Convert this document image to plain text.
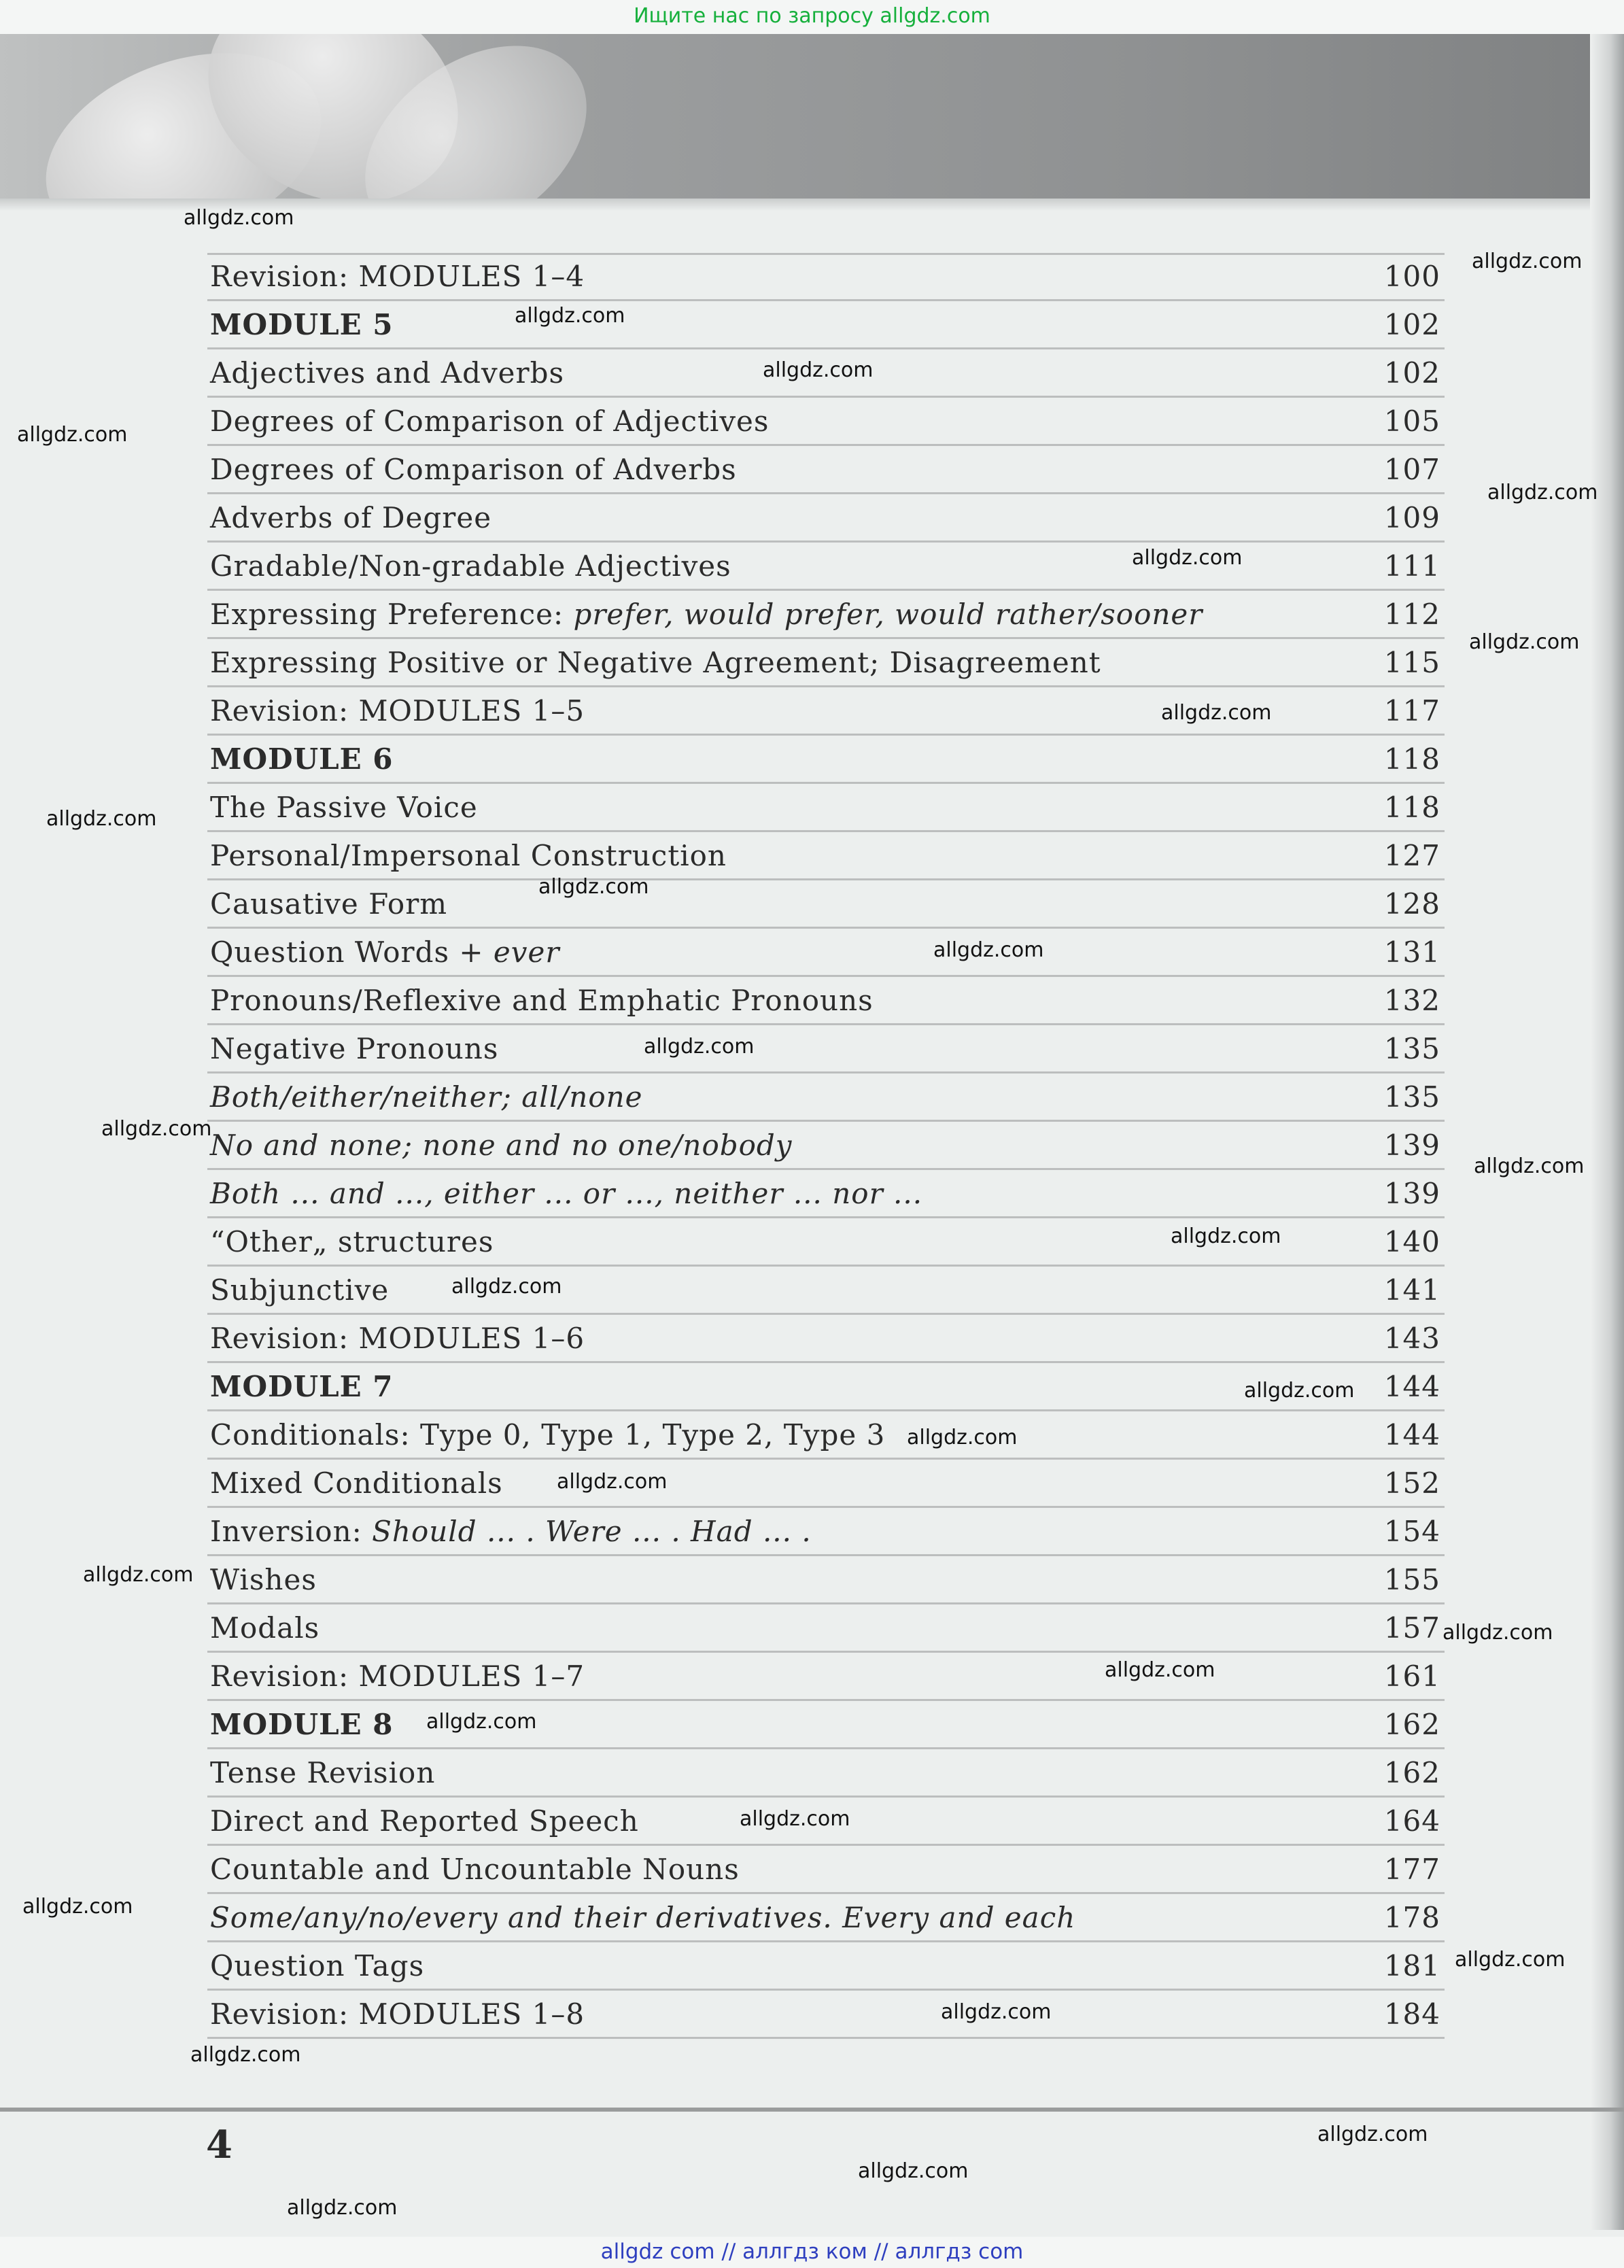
Ищите нас по запросу allgdz.com
Revision: MODULES 1–4	100
MODULE 5	102
Adjectives and Adverbs	102
Degrees of Comparison of Adjectives	105
Degrees of Comparison of Adverbs	107
Adverbs of Degree	109
Gradable/Non-gradable Adjectives	111
Expressing Preference: prefer, would prefer, would rather/sooner	112
Expressing Positive or Negative Agreement; Disagreement	115
Revision: MODULES 1–5	117
MODULE 6	118
The Passive Voice	118
Personal/Impersonal Construction	127
Causative Form	128
Question Words + ever	131
Pronouns/Reflexive and Emphatic Pronouns	132
Negative Pronouns	135
Both/either/neither; all/none	135
No and none; none and no one/nobody	139
Both ... and ..., either ... or ..., neither ... nor ...	139
“Other„ structures	140
Subjunctive	141
Revision: MODULES 1–6	143
MODULE 7	144
Conditionals: Type 0, Type 1, Type 2, Type 3	144
Mixed Conditionals	152
Inversion: Should ... . Were ... . Had ... .	154
Wishes	155
Modals	157
Revision: MODULES 1–7	161
MODULE 8	162
Tense Revision	162
Direct and Reported Speech	164
Countable and Uncountable Nouns	177
Some/any/no/every and their derivatives. Every and each	178
Question Tags	181
Revision: MODULES 1–8	184
4
allgdz.com
allgdz.com
allgdz.com
allgdz.com
allgdz.com
allgdz.com
allgdz.com
allgdz.com
allgdz.com
allgdz.com
allgdz.com
allgdz.com
allgdz.com
allgdz.com
allgdz.com
allgdz.com
allgdz.com
allgdz.com
allgdz.com
allgdz.com
allgdz.com
allgdz.com
allgdz.com
allgdz.com
allgdz.com
allgdz.com
allgdz.com
allgdz.com
allgdz.com
allgdz.com
allgdz.com
allgdz.com
allgdz com // аллгдз ком // аллгдз com
